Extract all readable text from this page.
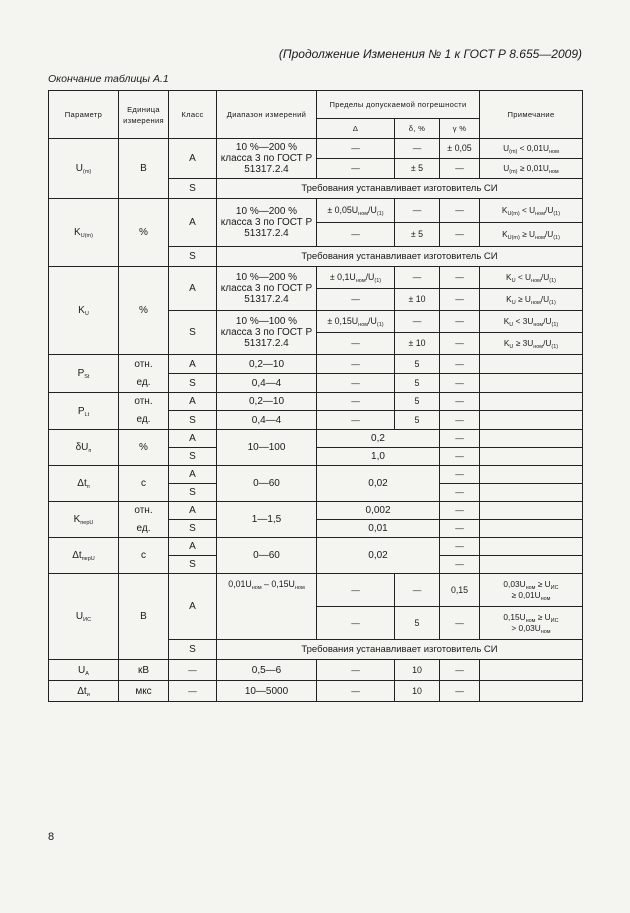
(Продолжение Изменения № 1 к ГОСТ Р 8.655—2009)
Окончание таблицы А.1
Параметр	Единица измерения	Класс	Диапазон измерений	Пределы допускаемой погрешности			Примечание
				Δ	δ, %	γ %	
$U_{(m)}$	В	A	10 %—200 % класса 3 по ГОСТ Р 51317.2.4	—	—	± 0,05	$U_{(m)} < 0,01U_{ном}$
				—	± 5	—	$U_{(m)} \ge 0,01U_{ном}$
		S	Требования устанавливает изготовитель СИ				
$K_{U(m)}$	%	A	10 %—200 % класса 3 по ГОСТ Р 51317.2.4	± $0,05U_{ном}/U_{(1)}$	—	—	$K_{U(m)} < U_{ном}/U_{(1)}$
				—	± 5	—	$K_{U(m)} \ge U_{ном}/U_{(1)}$
		S	Требования устанавливает изготовитель СИ				
$K_U$	%	A	10 %—200 % класса 3 по ГОСТ Р 51317.2.4	± $0,1U_{ном}/U_{(1)}$	—	—	$K_U < U_{ном}/U_{(1)}$
				—	± 10	—	$K_U \ge U_{ном}/U_{(1)}$
		S	10 %—100 % класса 3 по ГОСТ Р 51317.2.4	± $0,15U_{ном}/U_{(1)}$	—	—	$K_U < 3U_{ном}/U_{(1)}$
				—	± 10	—	$K_U \ge 3U_{ном}/U_{(1)}$
$P_{St}$	отн.	A	0,2—10	—	5	—	
	ед.	S	0,4—4	—	5	—	
$P_{Lt}$	отн.	A	0,2—10	—	5	—	
	ед.	S	0,4—4	—	5	—	
$\delta U_п$	%	A	10—100	0,2		—	
		S		1,0		—	
$\Delta t_п$	с	A	0—60	0,02		—	
		S				—	
$K_{перU}$	отн.	A	1—1,5	0,002		—	
	ед.	S		0,01		—	
$\Delta t_{перU}$	с	A	0—60	0,02		—	
		S				—	
$U_{ИС}$	В	A	$0,01U_{ном} - 0,15U_{ном}$	—	—	0,15	$0,03U_{ном} \ge U_{ИС}$
≥ $0,01U_{ном}$
				—	5	—	$0,15U_{ном} \ge U_{ИС}$
> $0,03U_{ном}$
		S	Требования устанавливает изготовитель СИ				
$U_A$	кВ	—	0,5—6	—	10	—	
$\Delta t_и$	мкс	—	10—5000	—	10	—	
8
